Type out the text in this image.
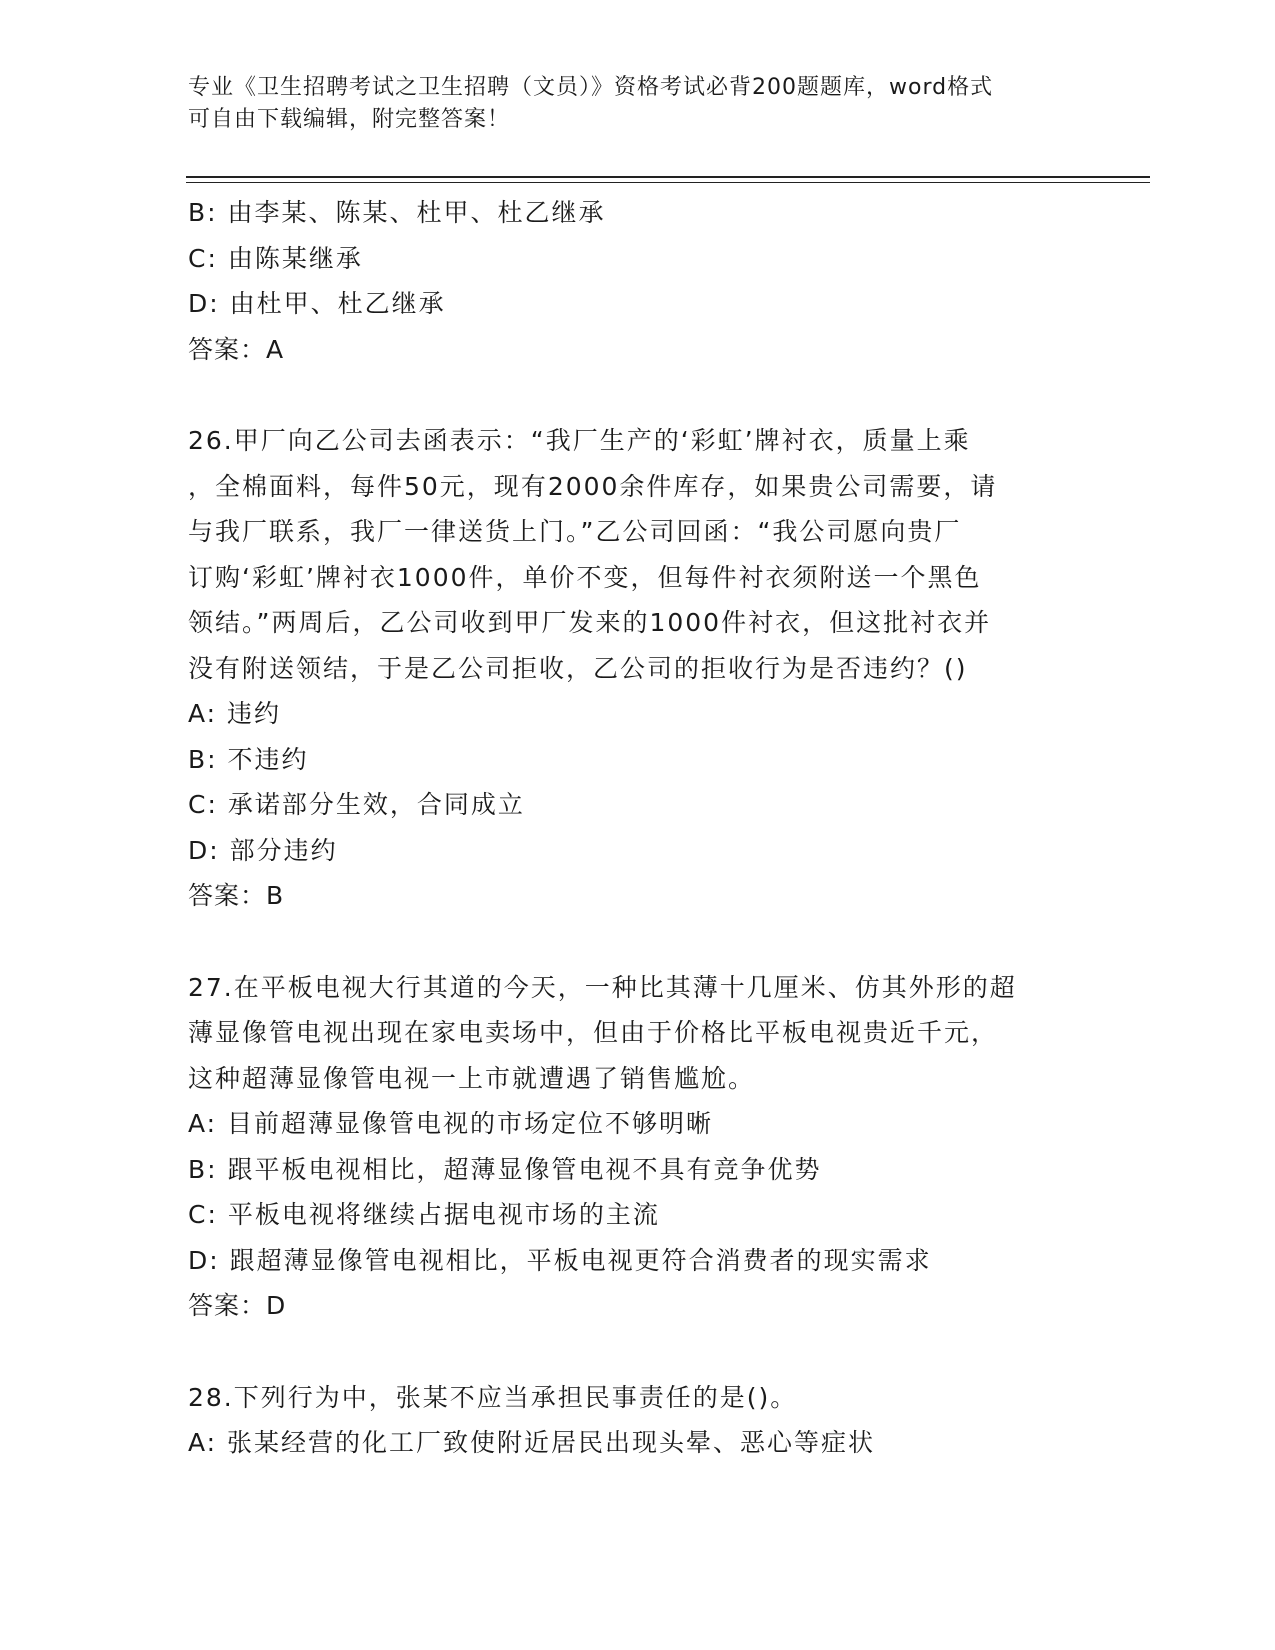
专业《卫生招聘考试之卫生招聘（文员）》资格考试必背200题题库，word格式
可自由下载编辑，附完整答案！
B: 由李某、陈某、杜甲、杜乙继承
C: 由陈某继承
D: 由杜甲、杜乙继承
答案：A
26.甲厂向乙公司去函表示：“我厂生产的‘彩虹’牌衬衣，质量上乘
，全棉面料，每件50元，现有2000余件库存，如果贵公司需要，请
与我厂联系，我厂一律送货上门。”乙公司回函：“我公司愿向贵厂
订购‘彩虹’牌衬衣1000件，单价不变，但每件衬衣须附送一个黑色
领结。”两周后，乙公司收到甲厂发来的1000件衬衣，但这批衬衣并
没有附送领结，于是乙公司拒收，乙公司的拒收行为是否违约？()
A: 违约
B: 不违约
C: 承诺部分生效，合同成立
D: 部分违约
答案：B
27.在平板电视大行其道的今天，一种比其薄十几厘米、仿其外形的超
薄显像管电视出现在家电卖场中，但由于价格比平板电视贵近千元，
这种超薄显像管电视一上市就遭遇了销售尴尬。
A: 目前超薄显像管电视的市场定位不够明晰
B: 跟平板电视相比，超薄显像管电视不具有竞争优势
C: 平板电视将继续占据电视市场的主流
D: 跟超薄显像管电视相比，平板电视更符合消费者的现实需求
答案：D
28.下列行为中，张某不应当承担民事责任的是()。
A: 张某经营的化工厂致使附近居民出现头晕、恶心等症状
